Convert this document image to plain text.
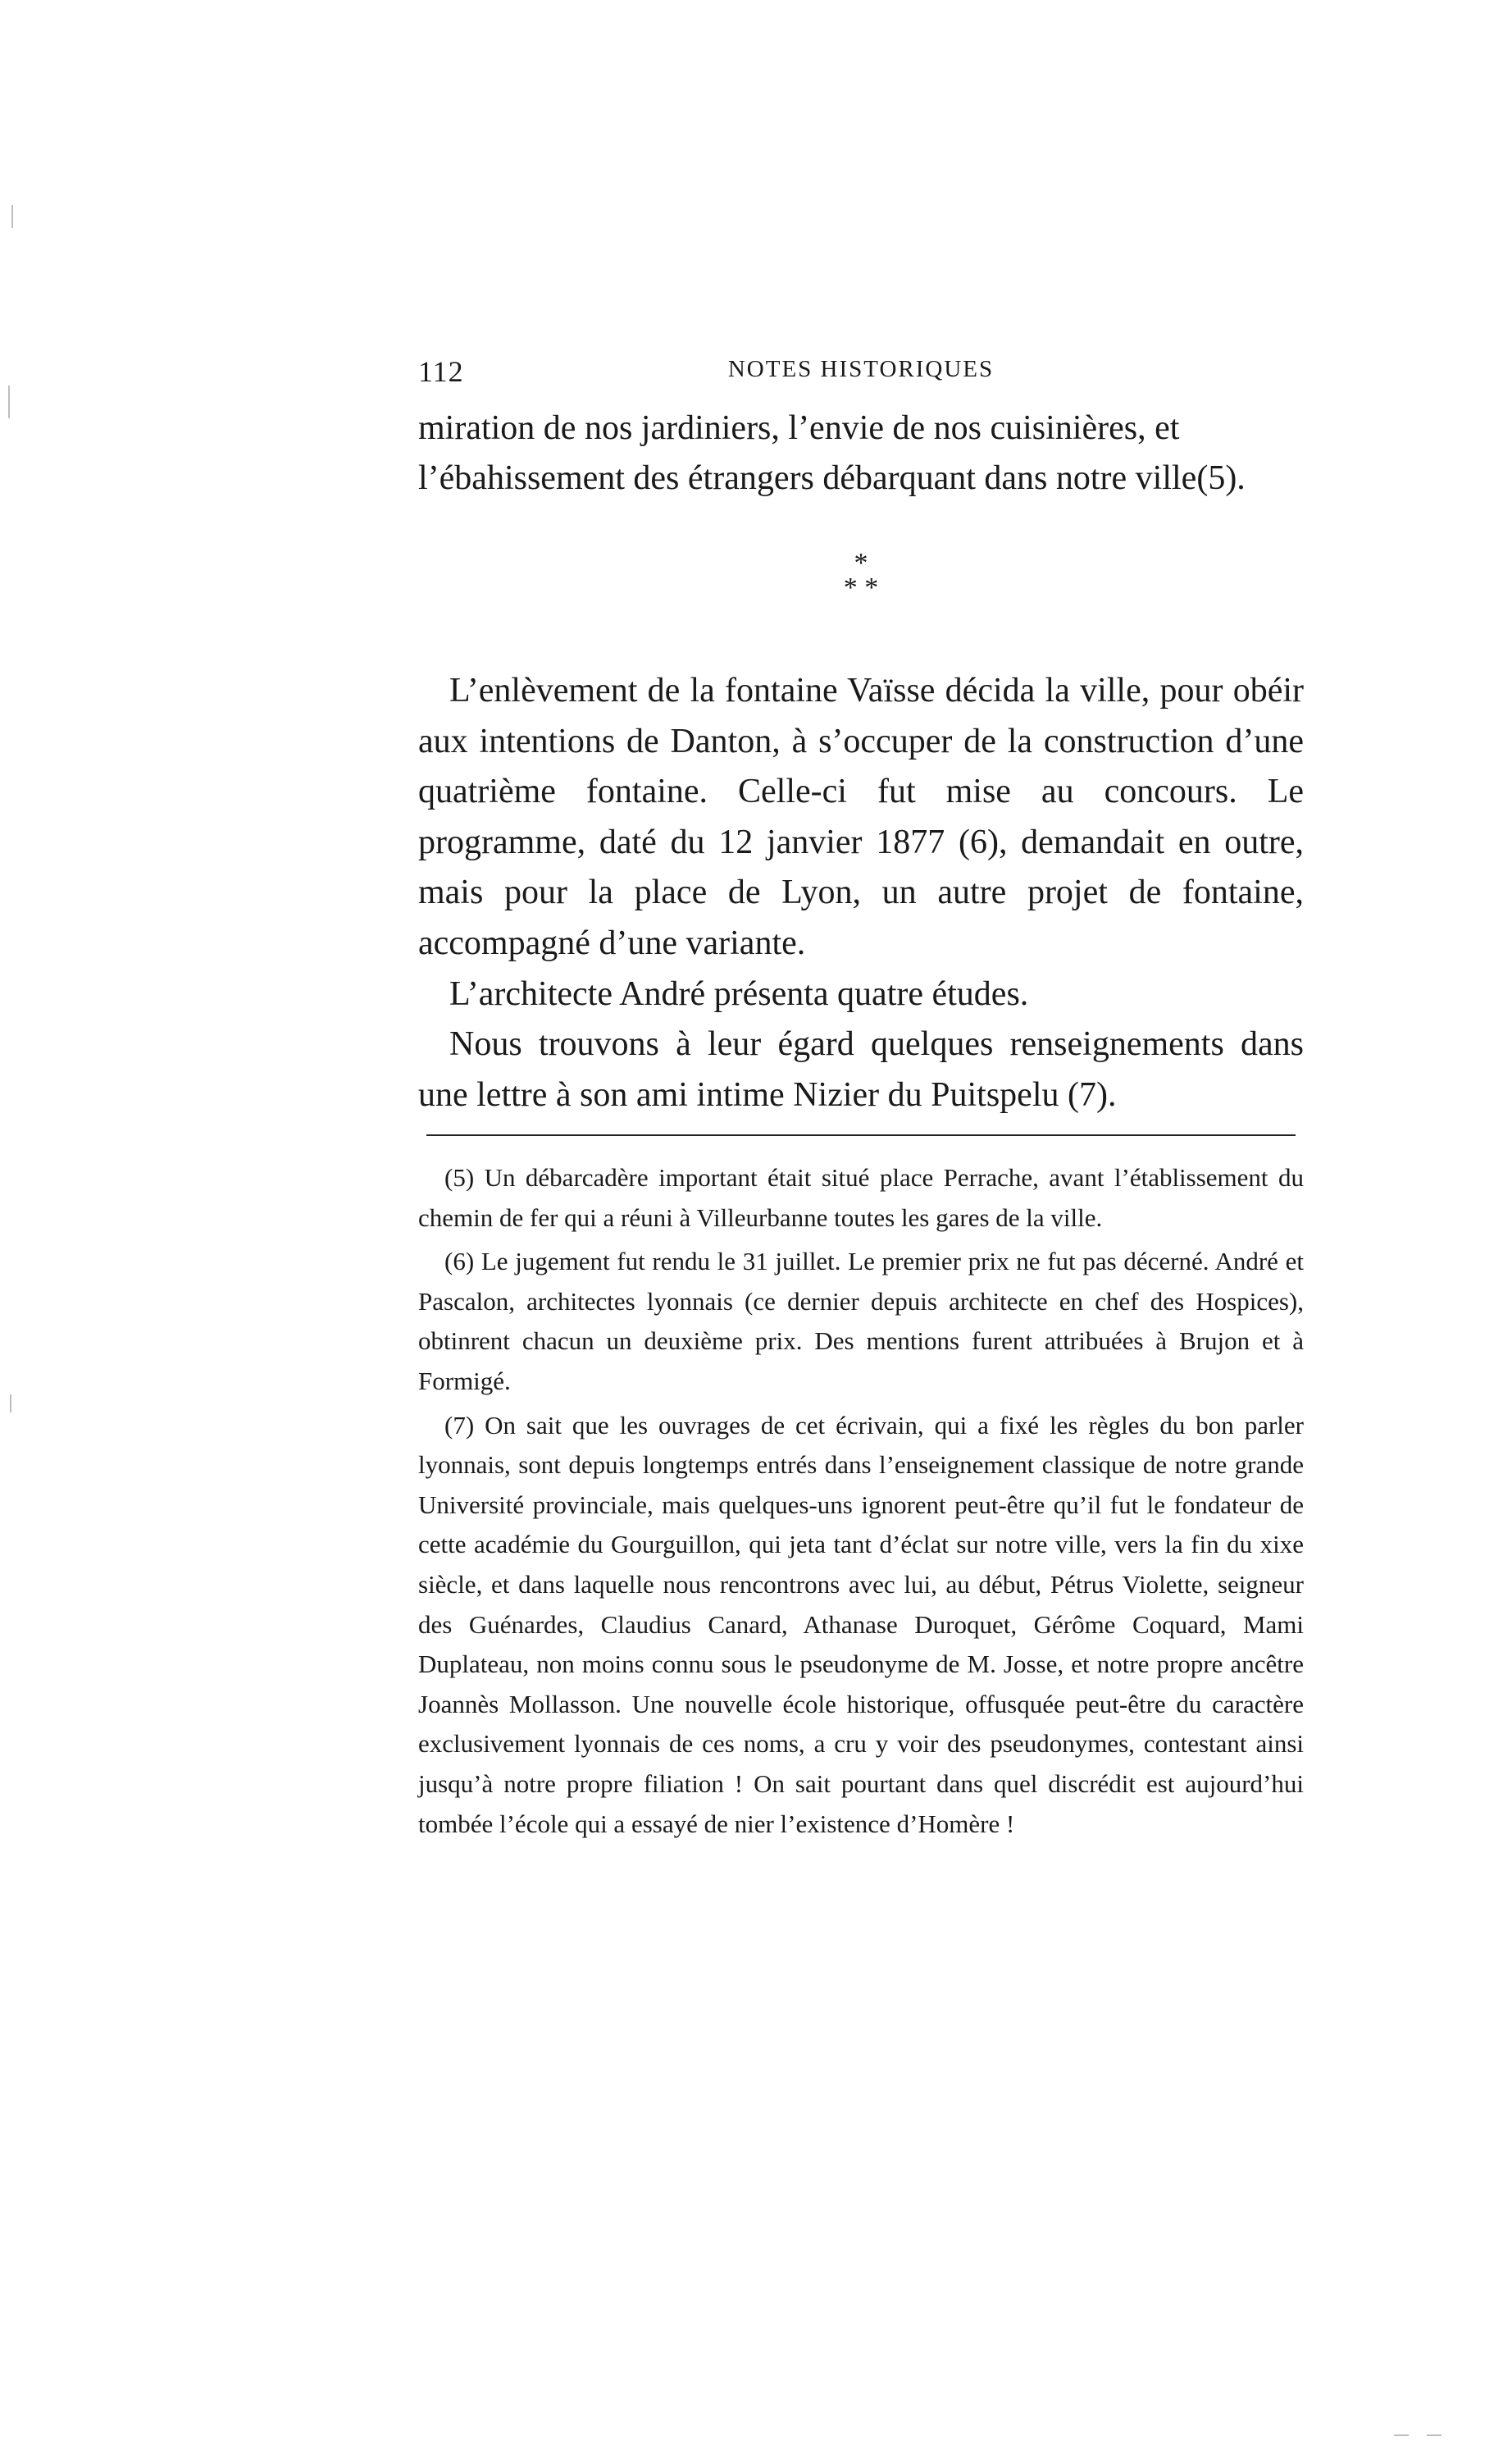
112	NOTES HISTORIQUES

miration de nos jardiniers, l’envie de nos cuisinières, et

l’ébahissement des étrangers débarquant dans notre ville(5).

*
* *

L’enlèvement de la fontaine Vaïsse décida la ville, pour obéir aux intentions de Danton, à s’occuper de la construction d’une quatrième fontaine. Celle-ci fut mise au concours. Le programme, daté du 12 janvier 1877 (6), demandait en outre, mais pour la place de Lyon, un autre projet de fontaine, accompagné d’une variante.

L’architecte André présenta quatre études.

Nous trouvons à leur égard quelques renseignements dans une lettre à son ami intime Nizier du Puitspelu (7).

(5) Un débarcadère important était situé place Perrache, avant l’établissement du chemin de fer qui a réuni à Villeurbanne toutes les gares de la ville.

(6) Le jugement fut rendu le 31 juillet. Le premier prix ne fut pas décerné. André et Pascalon, architectes lyonnais (ce dernier depuis architecte en chef des Hospices), obtinrent chacun un deuxième prix. Des mentions furent attribuées à Brujon et à Formigé.

(7) On sait que les ouvrages de cet écrivain, qui a fixé les règles du bon parler lyonnais, sont depuis longtemps entrés dans l’enseignement classique de notre grande Université provinciale, mais quelques-uns ignorent peut-être qu’il fut le fondateur de cette académie du Gourguillon, qui jeta tant d’éclat sur notre ville, vers la fin du xixe siècle, et dans laquelle nous rencontrons avec lui, au début, Pétrus Violette, seigneur des Guénardes, Claudius Canard, Athanase Duroquet, Gérôme Coquard, Mami Duplateau, non moins connu sous le pseudonyme de M. Josse, et notre propre ancêtre Joannès Mollasson. Une nouvelle école historique, offusquée peut-être du caractère exclusivement lyonnais de ces noms, a cru y voir des pseudonymes, contestant ainsi jusqu’à notre propre filiation ! On sait pourtant dans quel discrédit est aujourd’hui tombée l’école qui a essayé de nier l’existence d’Homère !
